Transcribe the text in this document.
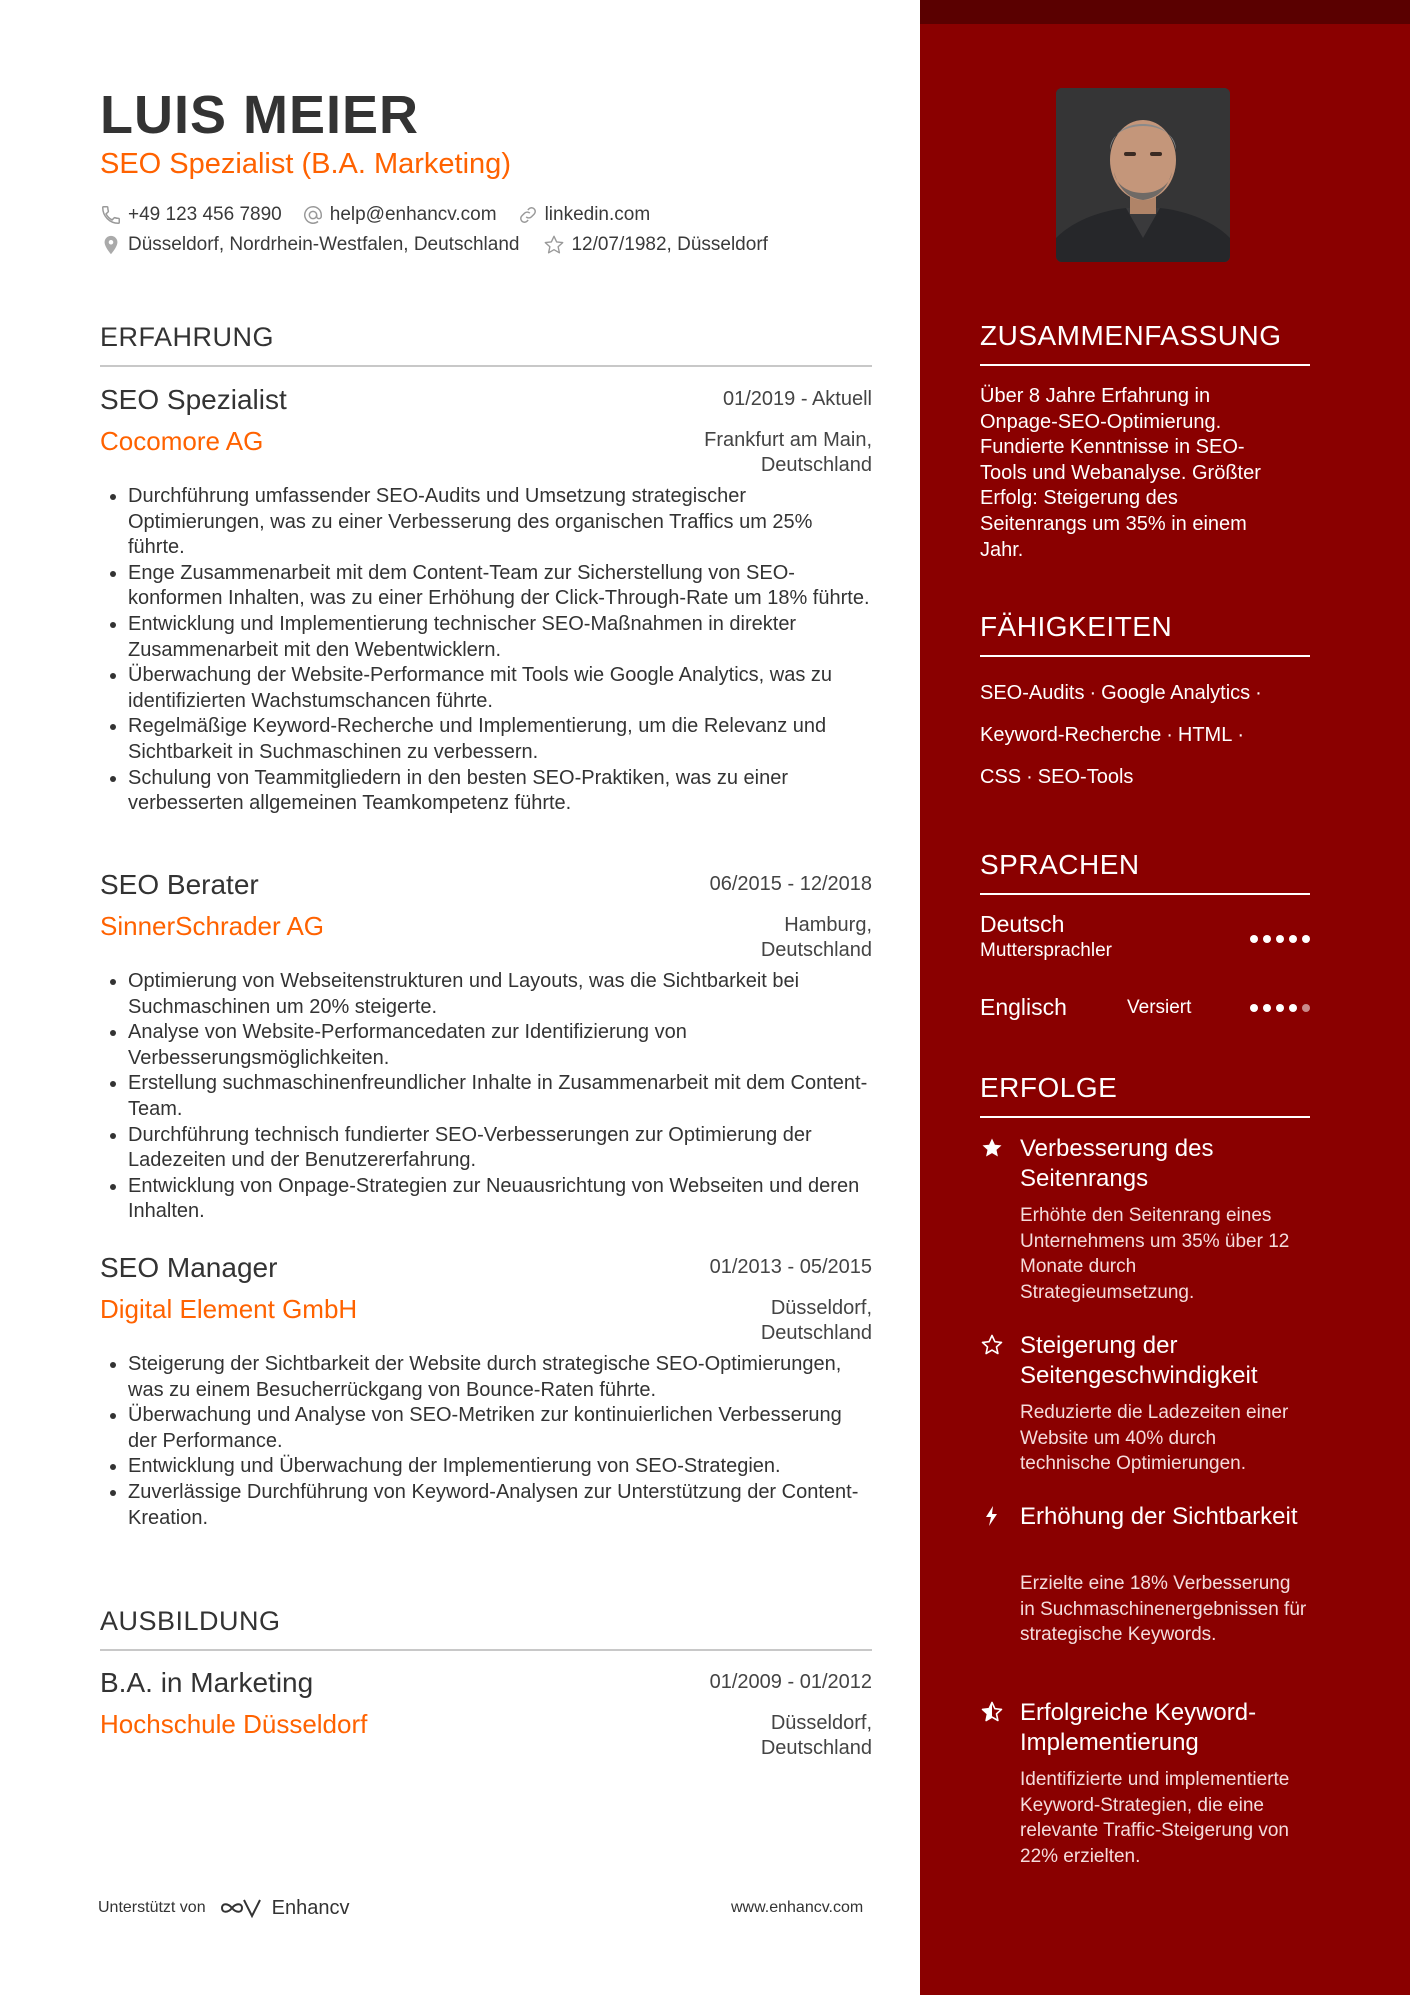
LUIS MEIER
SEO Spezialist (B.A. Marketing)
+49 123 456 7890	help@enhancv.com	linkedin.com
Düsseldorf, Nordrhein-Westfalen, Deutschland	12/07/1982, Düsseldorf
ERFAHRUNG
SEO Spezialist	01/2019 - Aktuell
Cocomore AG	Frankfurt am Main,
Deutschland
• Durchführung umfassender SEO-Audits und Umsetzung strategischer Optimierungen, was zu einer Verbesserung des organischen Traffics um 25% führte.
• Enge Zusammenarbeit mit dem Content-Team zur Sicherstellung von SEO-konformen Inhalten, was zu einer Erhöhung der Click-Through-Rate um 18% führte.
• Entwicklung und Implementierung technischer SEO-Maßnahmen in direkter Zusammenarbeit mit den Webentwicklern.
• Überwachung der Website-Performance mit Tools wie Google Analytics, was zu identifizierten Wachstumschancen führte.
• Regelmäßige Keyword-Recherche und Implementierung, um die Relevanz und Sichtbarkeit in Suchmaschinen zu verbessern.
• Schulung von Teammitgliedern in den besten SEO-Praktiken, was zu einer verbesserten allgemeinen Teamkompetenz führte.
SEO Berater	06/2015 - 12/2018
SinnerSchrader AG	Hamburg,
Deutschland
• Optimierung von Webseitenstrukturen und Layouts, was die Sichtbarkeit bei Suchmaschinen um 20% steigerte.
• Analyse von Website-Performancedaten zur Identifizierung von Verbesserungsmöglichkeiten.
• Erstellung suchmaschinenfreundlicher Inhalte in Zusammenarbeit mit dem Content-Team.
• Durchführung technisch fundierter SEO-Verbesserungen zur Optimierung der Ladezeiten und der Benutzererfahrung.
• Entwicklung von Onpage-Strategien zur Neuausrichtung von Webseiten und deren Inhalten.
SEO Manager	01/2013 - 05/2015
Digital Element GmbH	Düsseldorf,
Deutschland
• Steigerung der Sichtbarkeit der Website durch strategische SEO-Optimierungen, was zu einem Besucherrückgang von Bounce-Raten führte.
• Überwachung und Analyse von SEO-Metriken zur kontinuierlichen Verbesserung der Performance.
• Entwicklung und Überwachung der Implementierung von SEO-Strategien.
• Zuverlässige Durchführung von Keyword-Analysen zur Unterstützung der Content-Kreation.
AUSBILDUNG
B.A. in Marketing	01/2009 - 01/2012
Hochschule Düsseldorf	Düsseldorf,
Deutschland
Unterstützt von	Enhancv	www.enhancv.com
ZUSAMMENFASSUNG
Über 8 Jahre Erfahrung in Onpage-SEO-Optimierung. Fundierte Kenntnisse in SEO-Tools und Webanalyse. Größter Erfolg: Steigerung des Seitenrangs um 35% in einem Jahr.
FÄHIGKEITEN
SEO-Audits · Google Analytics ·
Keyword-Recherche · HTML ·
CSS · SEO-Tools
SPRACHEN
Deutsch
Muttersprachler
Englisch	Versiert
ERFOLGE
Verbesserung des Seitenrangs
Erhöhte den Seitenrang eines Unternehmens um 35% über 12 Monate durch Strategieumsetzung.
Steigerung der Seitengeschwindigkeit
Reduzierte die Ladezeiten einer Website um 40% durch technische Optimierungen.
Erhöhung der Sichtbarkeit
Erzielte eine 18% Verbesserung in Suchmaschinenergebnissen für strategische Keywords.
Erfolgreiche Keyword-Implementierung
Identifizierte und implementierte Keyword-Strategien, die eine relevante Traffic-Steigerung von 22% erzielten.
